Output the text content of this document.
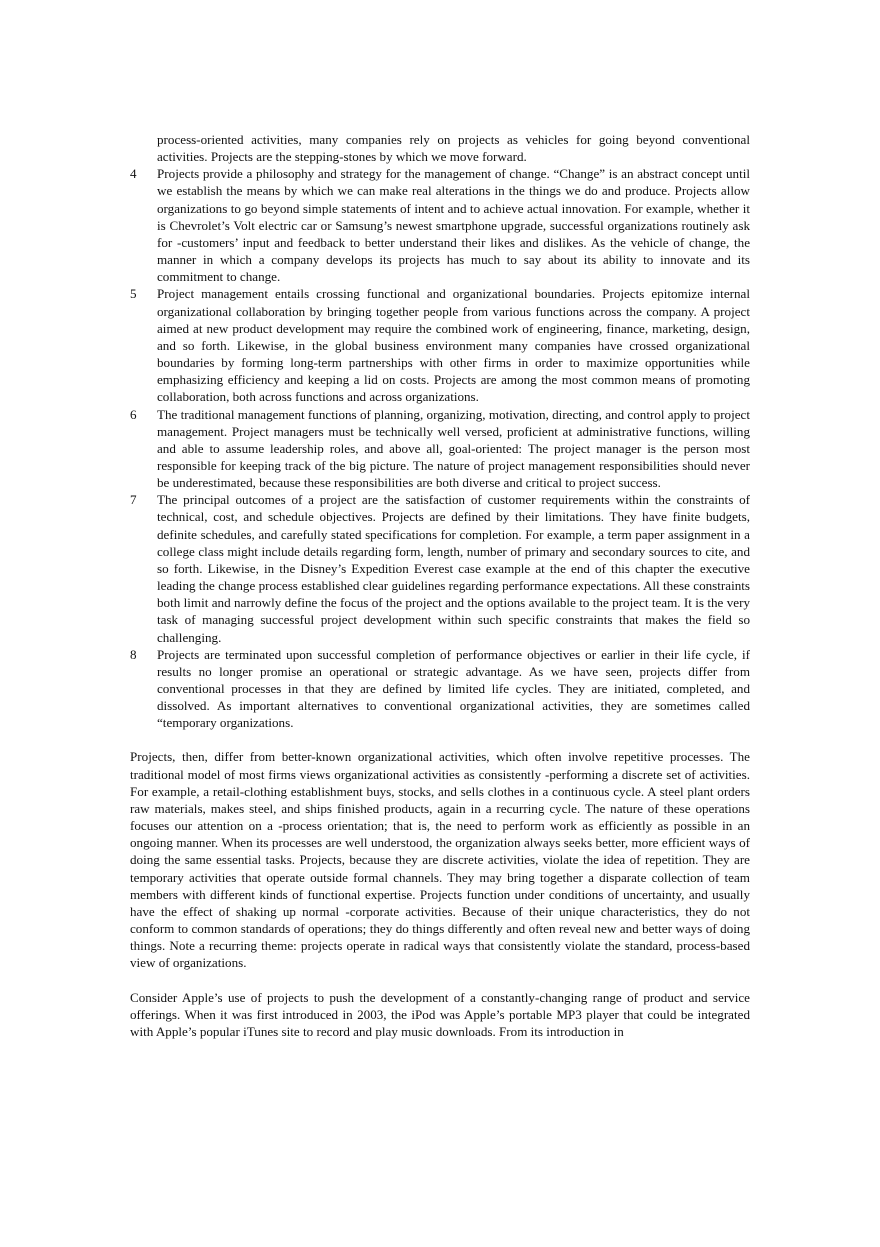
process-oriented activities, many companies rely on projects as vehicles for going beyond conventional activities. Projects are the stepping-stones by which we move forward.
4 Projects provide a philosophy and strategy for the management of change. “Change” is an abstract concept until we establish the means by which we can make real alterations in the things we do and produce. Projects allow organizations to go beyond simple statements of intent and to achieve actual innovation. For example, whether it is Chevrolet’s Volt electric car or Samsung’s newest smartphone upgrade, successful organizations routinely ask for -customers’ input and feedback to better understand their likes and dislikes. As the vehicle of change, the manner in which a company develops its projects has much to say about its ability to innovate and its commitment to change.
5 Project management entails crossing functional and organizational boundaries. Projects epitomize internal organizational collaboration by bringing together people from various functions across the company. A project aimed at new product development may require the combined work of engineering, finance, marketing, design, and so forth. Likewise, in the global business environment many companies have crossed organizational boundaries by forming long-term partnerships with other firms in order to maximize opportunities while emphasizing efficiency and keeping a lid on costs. Projects are among the most common means of promoting collaboration, both across functions and across organizations.
6 The traditional management functions of planning, organizing, motivation, directing, and control apply to project management. Project managers must be technically well versed, proficient at administrative functions, willing and able to assume leadership roles, and above all, goal-oriented: The project manager is the person most responsible for keeping track of the big picture. The nature of project management responsibilities should never be underestimated, because these responsibilities are both diverse and critical to project success.
7 The principal outcomes of a project are the satisfaction of customer requirements within the constraints of technical, cost, and schedule objectives. Projects are defined by their limitations. They have finite budgets, definite schedules, and carefully stated specifications for completion. For example, a term paper assignment in a college class might include details regarding form, length, number of primary and secondary sources to cite, and so forth. Likewise, in the Disney’s Expedition Everest case example at the end of this chapter the executive leading the change process established clear guidelines regarding performance expectations. All these constraints both limit and narrowly define the focus of the project and the options available to the project team. It is the very task of managing successful project development within such specific constraints that makes the field so challenging.
8 Projects are terminated upon successful completion of performance objectives or earlier in their life cycle, if results no longer promise an operational or strategic advantage. As we have seen, projects differ from conventional processes in that they are defined by limited life cycles. They are initiated, completed, and dissolved. As important alternatives to conventional organizational activities, they are sometimes called “temporary organizations.

Projects, then, differ from better-known organizational activities, which often involve repetitive processes. The traditional model of most firms views organizational activities as consistently -performing a discrete set of activities. For example, a retail-clothing establishment buys, stocks, and sells clothes in a continuous cycle. A steel plant orders raw materials, makes steel, and ships finished products, again in a recurring cycle. The nature of these operations focuses our attention on a -process orientation; that is, the need to perform work as efficiently as possible in an ongoing manner. When its processes are well understood, the organization always seeks better, more efficient ways of doing the same essential tasks. Projects, because they are discrete activities, violate the idea of repetition. They are temporary activities that operate outside formal channels. They may bring together a disparate collection of team members with different kinds of functional expertise. Projects function under conditions of uncertainty, and usually have the effect of shaking up normal -corporate activities. Because of their unique characteristics, they do not conform to common standards of operations; they do things differently and often reveal new and better ways of doing things. Note a recurring theme: projects operate in radical ways that consistently violate the standard, process-based view of organizations.

Consider Apple’s use of projects to push the development of a constantly-changing range of product and service offerings. When it was first introduced in 2003, the iPod was Apple’s portable MP3 player that could be integrated with Apple’s popular iTunes site to record and play music downloads. From its introduction in
